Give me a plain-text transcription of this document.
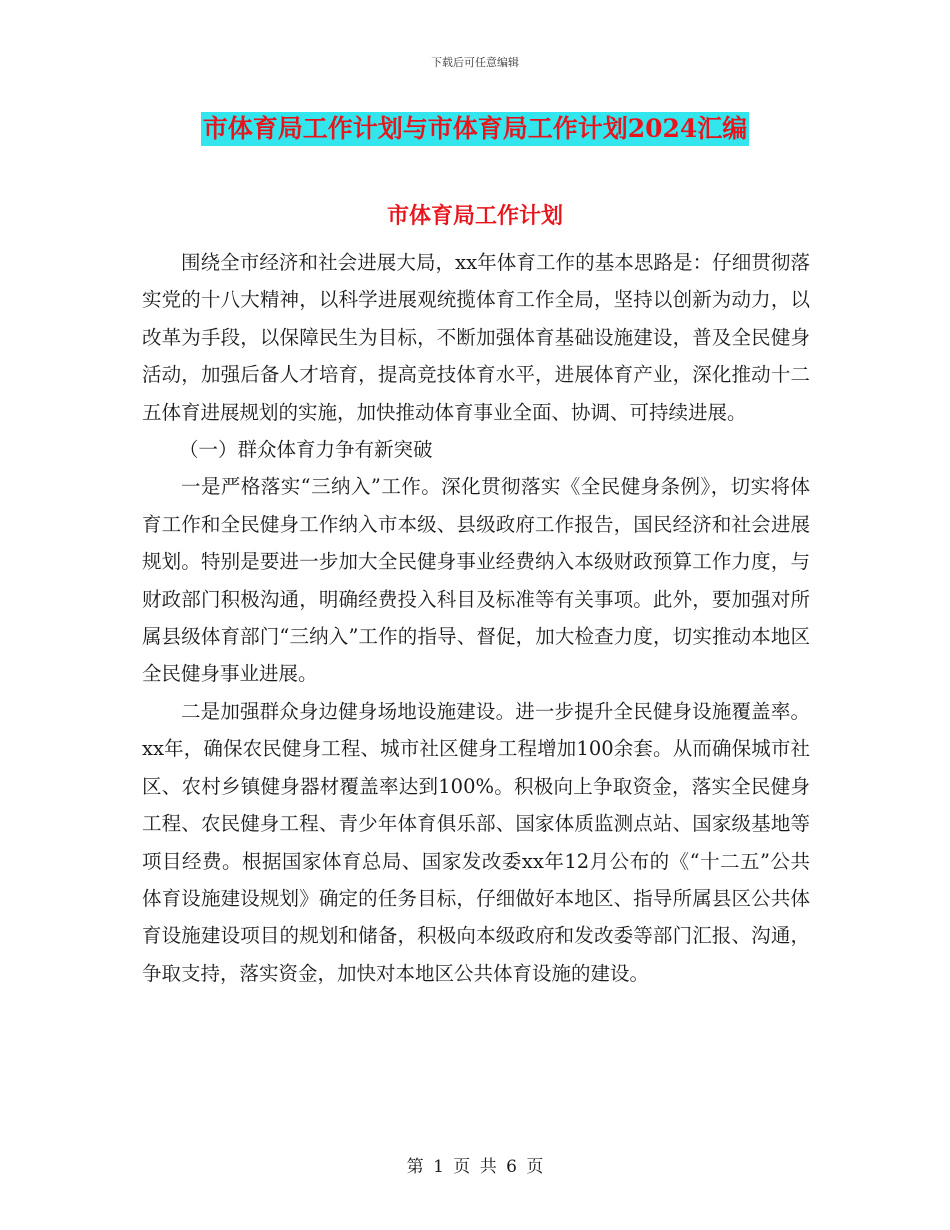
下载后可任意编辑
市体育局工作计划与市体育局工作计划2024汇编
市体育局工作计划

围绕全市经济和社会进展大局，xx年体育工作的基本思路是：仔细贯彻落实党的十八大精神，以科学进展观统揽体育工作全局，坚持以创新为动力，以改革为手段，以保障民生为目标，不断加强体育基础设施建设，普及全民健身活动，加强后备人才培育，提高竞技体育水平，进展体育产业，深化推动十二五体育进展规划的实施，加快推动体育事业全面、协调、可持续进展。

（一）群众体育力争有新突破

一是严格落实“三纳入”工作。深化贯彻落实《全民健身条例》，切实将体育工作和全民健身工作纳入市本级、县级政府工作报告，国民经济和社会进展规划。特别是要进一步加大全民健身事业经费纳入本级财政预算工作力度，与财政部门积极沟通，明确经费投入科目及标准等有关事项。此外，要加强对所属县级体育部门“三纳入”工作的指导、督促，加大检查力度，切实推动本地区全民健身事业进展。

二是加强群众身边健身场地设施建设。进一步提升全民健身设施覆盖率。xx年，确保农民健身工程、城市社区健身工程增加100余套。从而确保城市社区、农村乡镇健身器材覆盖率达到100%。积极向上争取资金，落实全民健身工程、农民健身工程、青少年体育俱乐部、国家体质监测点站、国家级基地等项目经费。根据国家体育总局、国家发改委xx年12月公布的《“十二五”公共体育设施建设规划》确定的任务目标，仔细做好本地区、指导所属县区公共体育设施建设项目的规划和储备，积极向本级政府和发改委等部门汇报、沟通，争取支持，落实资金，加快对本地区公共体育设施的建设。

第 1 页 共 6 页
